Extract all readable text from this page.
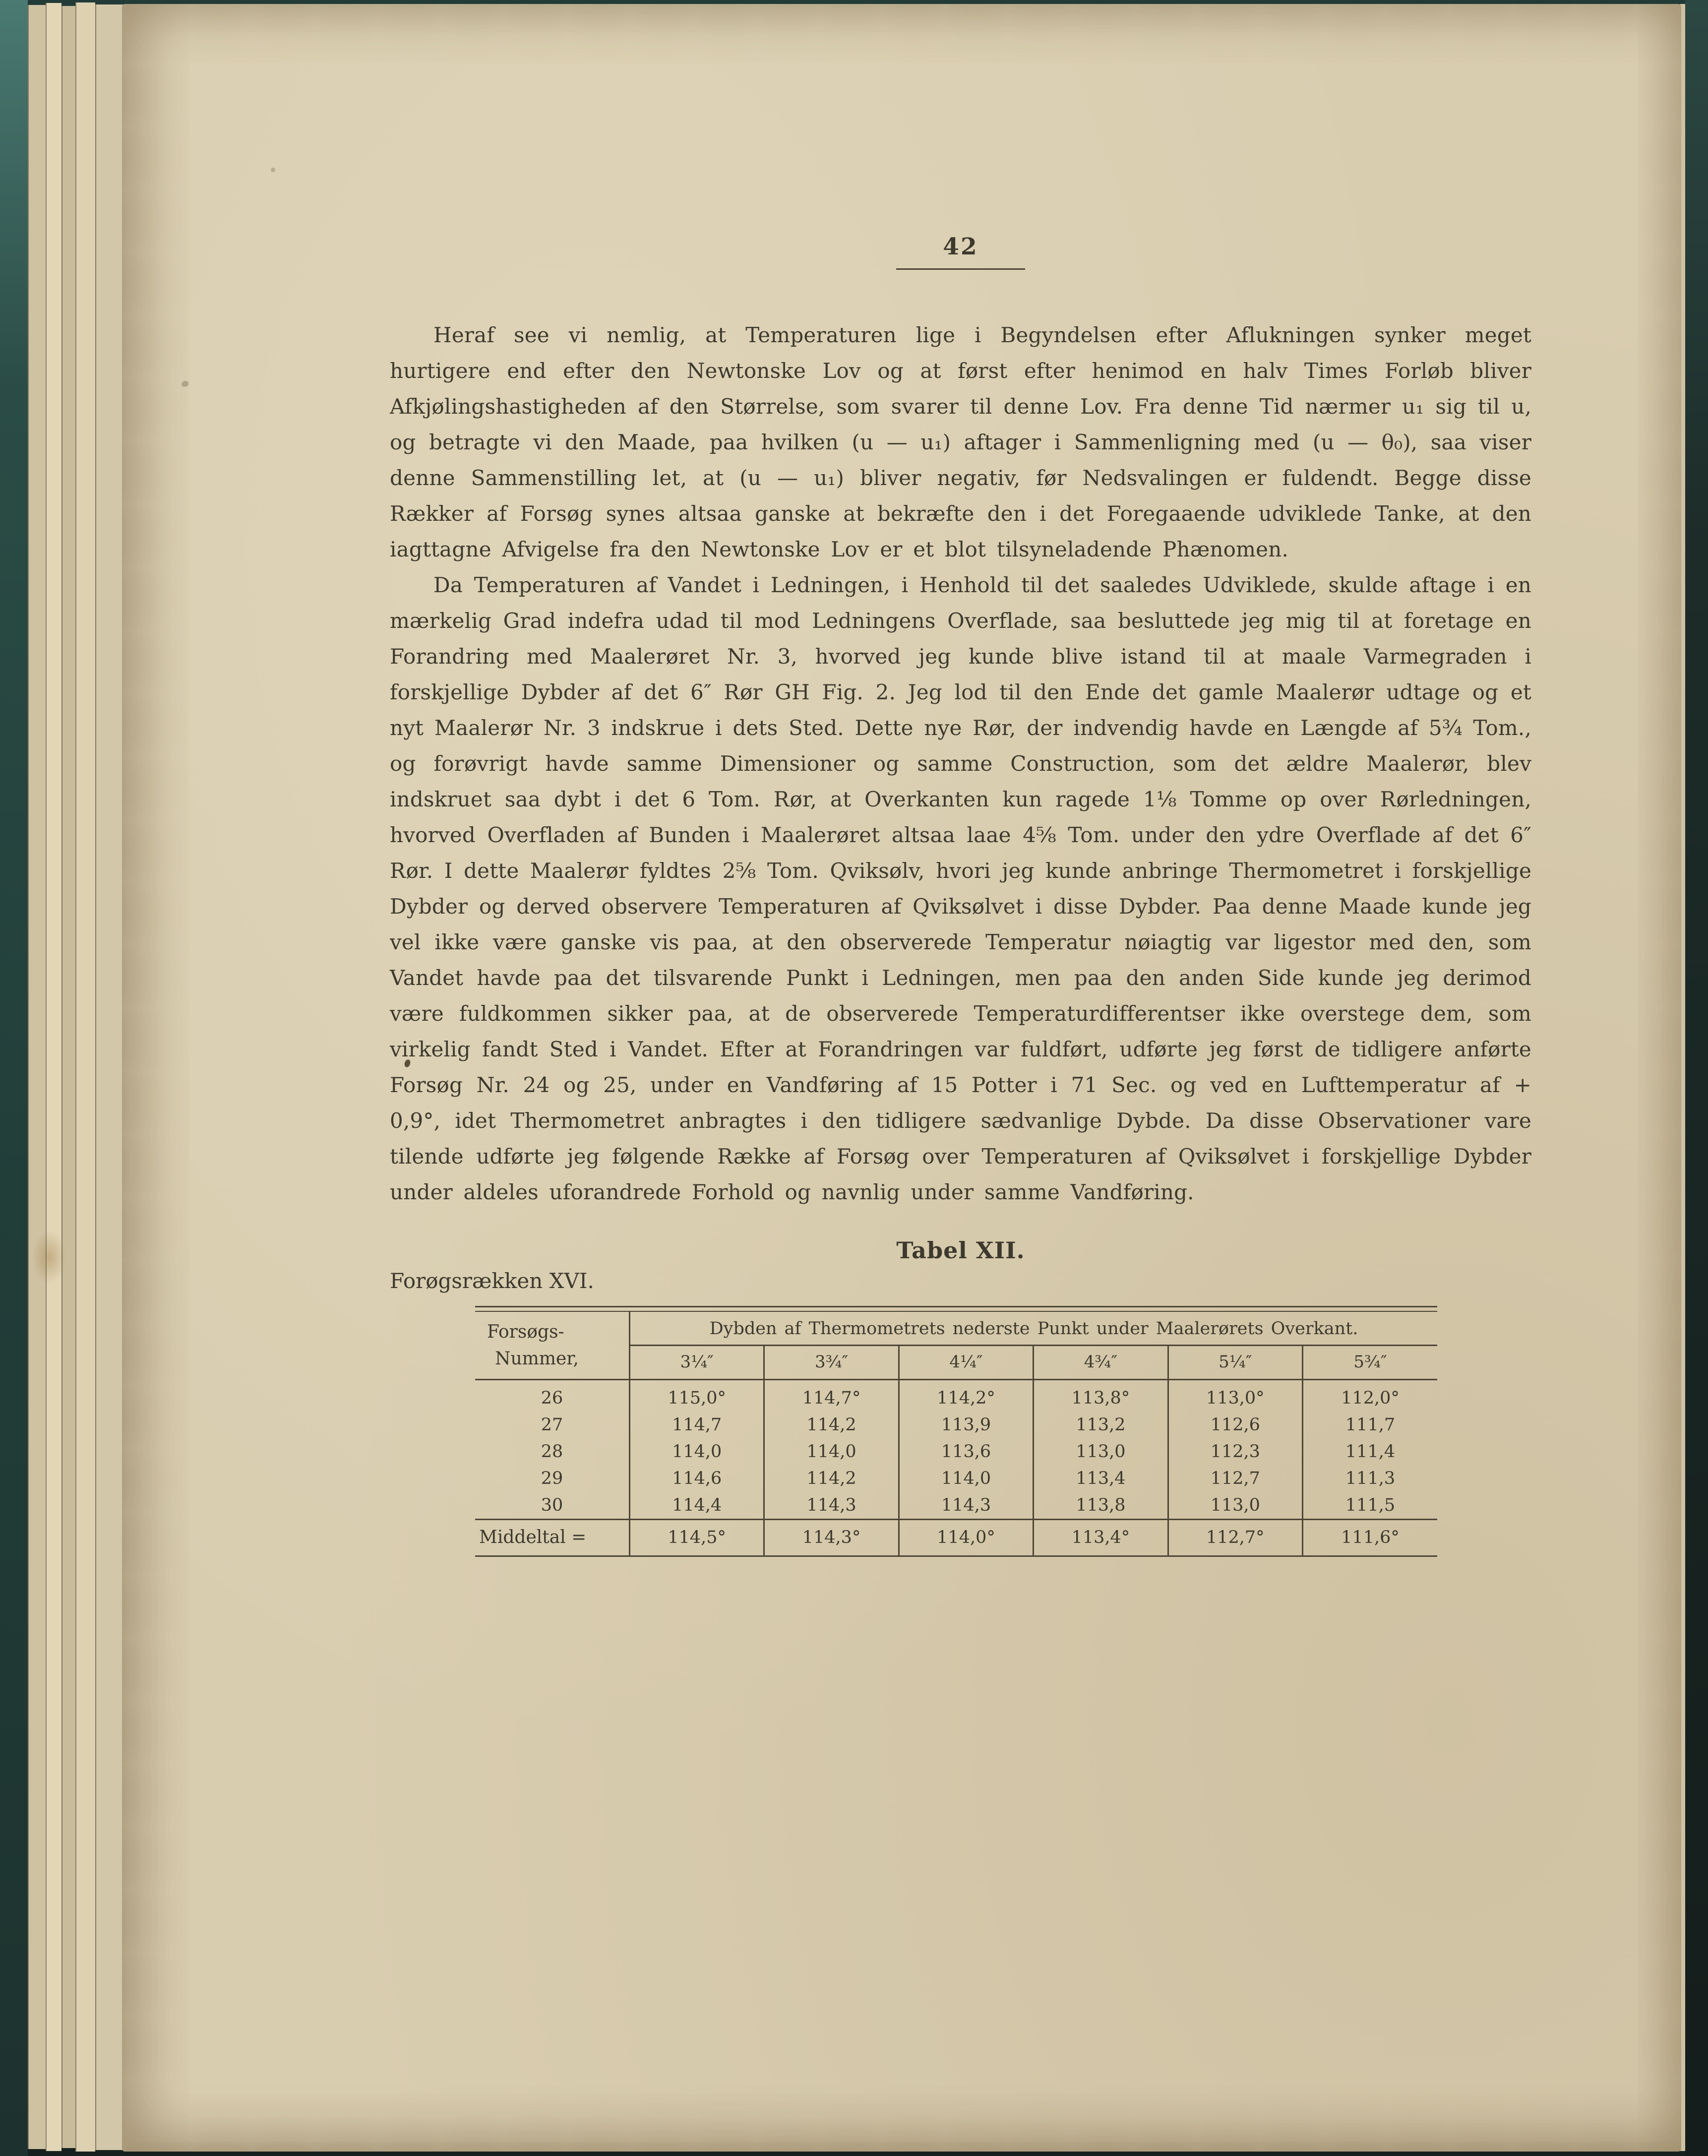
42

Heraf see vi nemlig, at Temperaturen lige i Begyndelsen efter Aflukningen synker meget hurtigere end efter den Newtonske Lov og at først efter henimod en halv Times Forløb bliver Afkjølingshastigheden af den Størrelse, som svarer til denne Lov. Fra denne Tid nærmer u₁ sig til u, og betragte vi den Maade, paa hvilken (u — u₁) aftager i Sammenligning med (u — θ₀), saa viser denne Sammenstilling let, at (u — u₁) bliver negativ, før Nedsvalingen er fuldendt. Begge disse Rækker af Forsøg synes altsaa ganske at bekræfte den i det Foregaaende udviklede Tanke, at den iagttagne Afvigelse fra den Newtonske Lov er et blot tilsyneladende Phænomen.

Da Temperaturen af Vandet i Ledningen, i Henhold til det saaledes Udviklede, skulde aftage i en mærkelig Grad indefra udad til mod Ledningens Overflade, saa besluttede jeg mig til at foretage en Forandring med Maalerøret Nr. 3, hvorved jeg kunde blive istand til at maale Varmegraden i forskjellige Dybder af det 6″ Rør GH Fig. 2. Jeg lod til den Ende det gamle Maalerør udtage og et nyt Maalerør Nr. 3 indskrue i dets Sted. Dette nye Rør, der indvendig havde en Længde af 5¾ Tom., og forøvrigt havde samme Dimensioner og samme Construction, som det ældre Maalerør, blev indskruet saa dybt i det 6 Tom. Rør, at Overkanten kun ragede 1⅛ Tomme op over Rørledningen, hvorved Overfladen af Bunden i Maalerøret altsaa laae 4⅝ Tom. under den ydre Overflade af det 6″ Rør. I dette Maalerør fyldtes 2⅝ Tom. Qviksølv, hvori jeg kunde anbringe Thermometret i forskjellige Dybder og derved observere Temperaturen af Qviksølvet i disse Dybder. Paa denne Maade kunde jeg vel ikke være ganske vis paa, at den observerede Temperatur nøiagtig var ligestor med den, som Vandet havde paa det tilsvarende Punkt i Ledningen, men paa den anden Side kunde jeg derimod være fuldkommen sikker paa, at de observerede Temperaturdifferentser ikke overstege dem, som virkelig fandt Sted i Vandet. Efter at Forandringen var fuldført, udførte jeg først de tidligere anførte Forsøg Nr. 24 og 25, under en Vandføring af 15 Potter i 71 Sec. og ved en Lufttemperatur af + 0,9°, idet Thermometret anbragtes i den tidligere sædvanlige Dybde. Da disse Observationer vare tilende udførte jeg følgende Række af Forsøg over Temperaturen af Qviksølvet i forskjellige Dybder under aldeles uforandrede Forhold og navnlig under samme Vandføring.

Tabel XII.
Forøgsrækken XVI.
Forsøgs-
Nummer,	Dybden af Thermometrets nederste Punkt under Maalerørets Overkant.					
	3¼″	3¾″	4¼″	4¾″	5¼″	5¾″
26	115,0°	114,7°	114,2°	113,8°	113,0°	112,0°
27	114,7	114,2	113,9	113,2	112,6	111,7
28	114,0	114,0	113,6	113,0	112,3	111,4
29	114,6	114,2	114,0	113,4	112,7	111,3
30	114,4	114,3	114,3	113,8	113,0	111,5
Middeltal =	114,5°	114,3°	114,0°	113,4°	112,7°	111,6°
